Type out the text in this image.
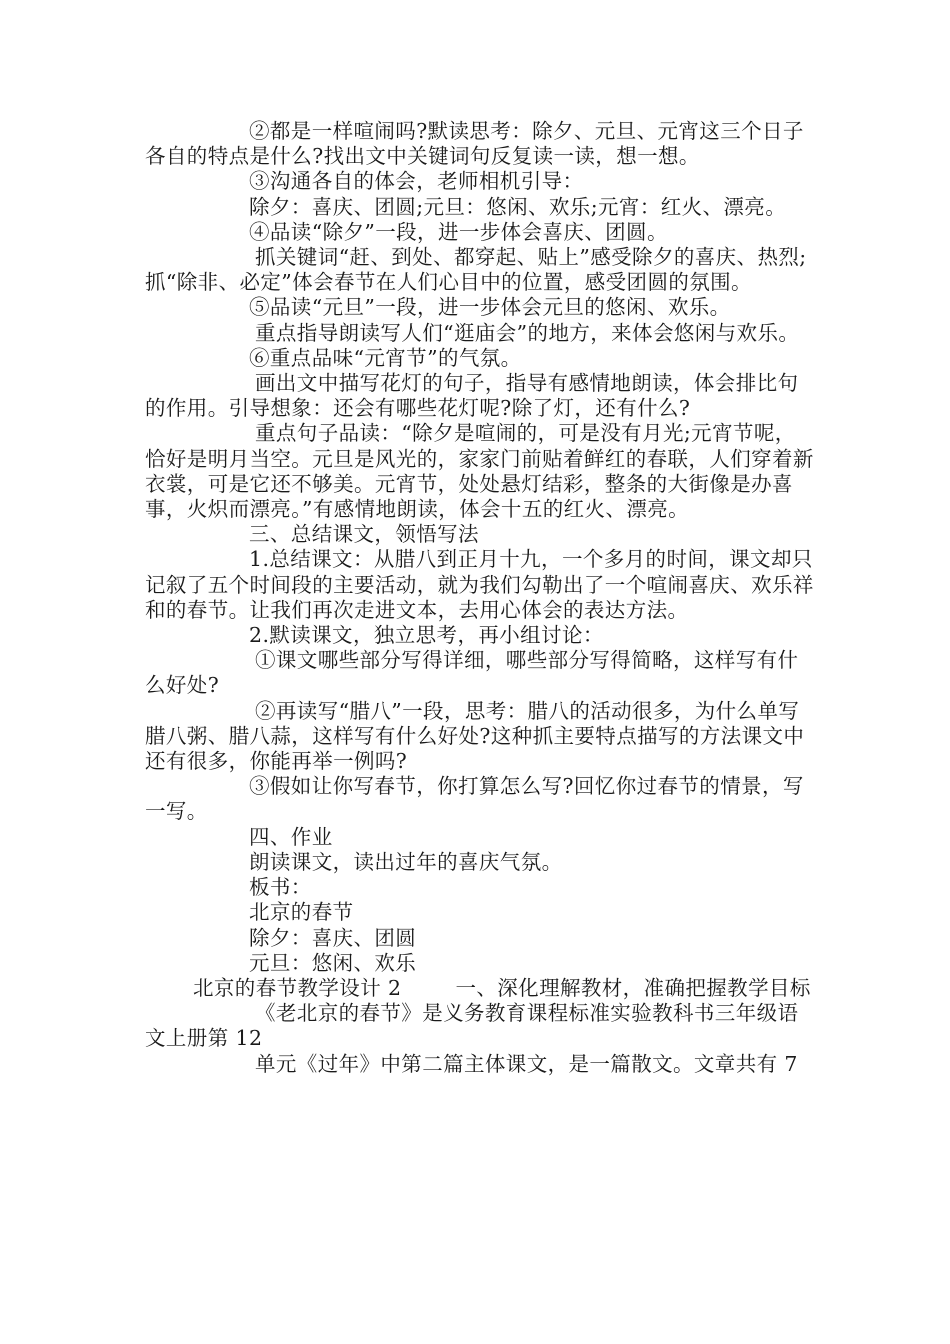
②都是一样喧闹吗?默读思考：除夕、元旦、元宵这三个日子各自的特点是什么?找出文中关键词句反复读一读，想一想。

③沟通各自的体会，老师相机引导：

除夕：喜庆、团圆;元旦：悠闲、欢乐;元宵：红火、漂亮。

④品读“除夕”一段，进一步体会喜庆、团圆。

抓关键词“赶、到处、都穿起、贴上”感受除夕的喜庆、热烈;抓“除非、必定”体会春节在人们心目中的位置，感受团圆的氛围。

⑤品读“元旦”一段，进一步体会元旦的悠闲、欢乐。

重点指导朗读写人们“逛庙会”的地方，来体会悠闲与欢乐。

⑥重点品味“元宵节”的气氛。

画出文中描写花灯的句子，指导有感情地朗读，体会排比句的作用。引导想象：还会有哪些花灯呢?除了灯，还有什么?

重点句子品读：“除夕是喧闹的，可是没有月光;元宵节呢，恰好是明月当空。元旦是风光的，家家门前贴着鲜红的春联，人们穿着新衣裳，可是它还不够美。元宵节，处处悬灯结彩，整条的大街像是办喜事，火炽而漂亮。”有感情地朗读，体会十五的红火、漂亮。

三、总结课文，领悟写法

1.总结课文：从腊八到正月十九，一个多月的时间，课文却只记叙了五个时间段的主要活动，就为我们勾勒出了一个喧闹喜庆、欢乐祥和的春节。让我们再次走进文本，去用心体会的表达方法。

2.默读课文，独立思考，再小组讨论：

①课文哪些部分写得详细，哪些部分写得简略，这样写有什么好处?

②再读写“腊八”一段，思考：腊八的活动很多，为什么单写腊八粥、腊八蒜，这样写有什么好处?这种抓主要特点描写的方法课文中还有很多，你能再举一例吗?

③假如让你写春节，你打算怎么写?回忆你过春节的情景，写一写。

四、作业

朗读课文，读出过年的喜庆气氛。

板书：

北京的春节

除夕：喜庆、团圆

元旦：悠闲、欢乐

北京的春节教学设计 2	一、深化理解教材，准确把握教学目标

《老北京的春节》是义务教育课程标准实验教科书三年级语文上册第 12

单元《过年》中第二篇主体课文，是一篇散文。文章共有 7
